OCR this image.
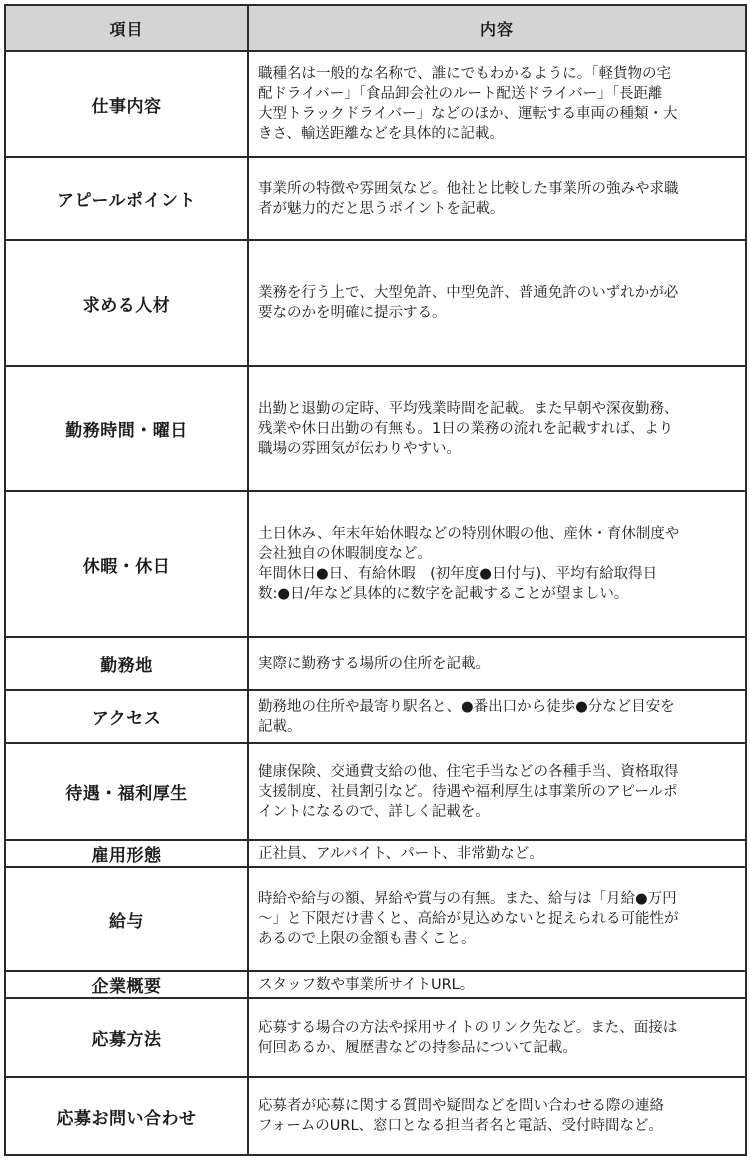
項目	内容
仕事内容	職種名は一般的な名称で、誰にでもわかるように。「軽貨物の宅
配ドライバー」「食品卸会社のルート配送ドライバー」「長距離
大型トラックドライバー」などのほか、運転する車両の種類・大
きさ、輸送距離などを具体的に記載。

アピールポイント	事業所の特徴や雰囲気など。他社と比較した事業所の強みや求職
者が魅力的だと思うポイントを記載。

求める人材	業務を行う上で、大型免許、中型免許、普通免許のいずれかが必
要なのかを明確に提示する。

勤務時間・曜日	出勤と退勤の定時、平均残業時間を記載。また早朝や深夜勤務、
残業や休日出勤の有無も。1日の業務の流れを記載すれば、より
職場の雰囲気が伝わりやすい。

休暇・休日	土日休み、年末年始休暇などの特別休暇の他、産休・育休制度や
会社独自の休暇制度など。
年間休日●日、有給休暇　(初年度●日付与)、平均有給取得日
数:●日/年など具体的に数字を記載することが望ましい。

勤務地	実際に勤務する場所の住所を記載。

アクセス	勤務地の住所や最寄り駅名と、●番出口から徒歩●分など目安を
記載。

待遇・福利厚生	健康保険、交通費支給の他、住宅手当などの各種手当、資格取得
支援制度、社員割引など。待遇や福利厚生は事業所のアピールポ
イントになるので、詳しく記載を。

雇用形態	正社員、アルバイト、パート、非常勤など。

給与	時給や給与の額、昇給や賞与の有無。また、給与は「月給●万円
〜」と下限だけ書くと、高給が見込めないと捉えられる可能性が
あるので上限の金額も書くこと。

企業概要	スタッフ数や事業所サイトURL。

応募方法	応募する場合の方法や採用サイトのリンク先など。また、面接は
何回あるか、履歴書などの持参品について記載。

応募お問い合わせ	応募者が応募に関する質問や疑問などを問い合わせる際の連絡
フォームのURL、窓口となる担当者名と電話、受付時間など。
